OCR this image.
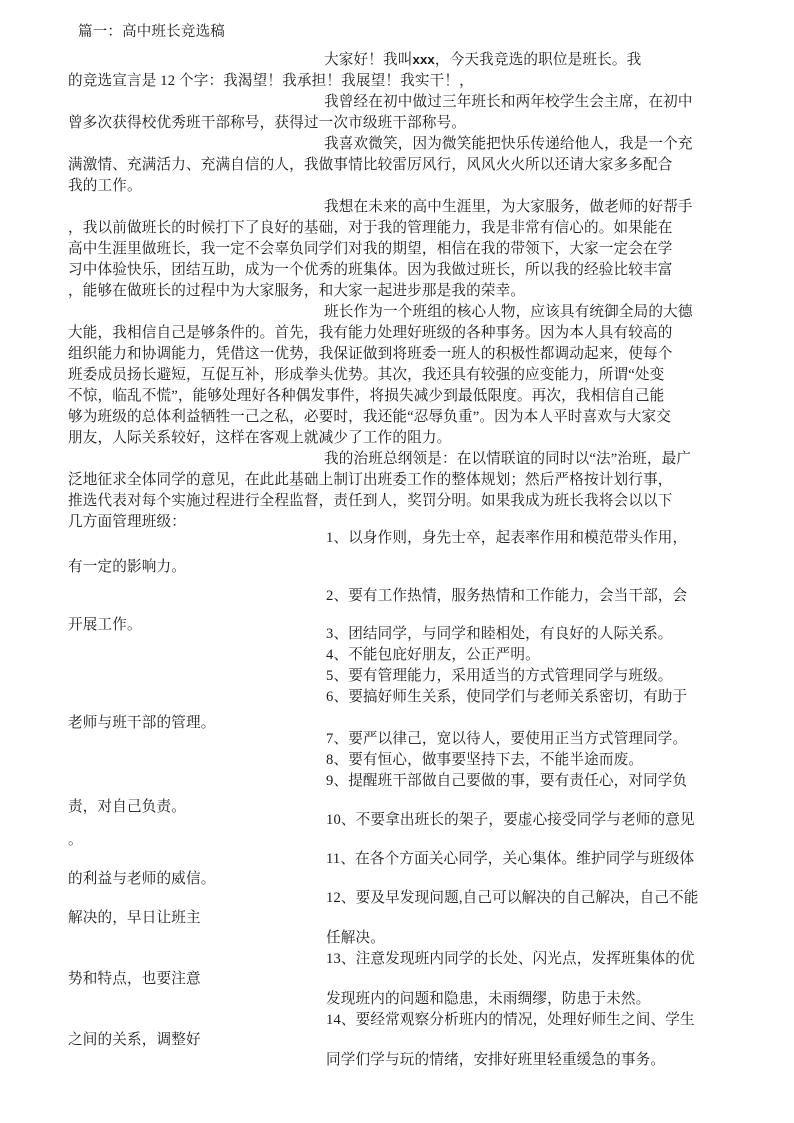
篇一：高中班长竞选稿
大家好！我叫xxx，今天我竞选的职位是班长。我
的竞选宣言是 12 个字：我渴望！我承担！我展望！我实干！，
我曾经在初中做过三年班长和两年校学生会主席，在初中
曾多次获得校优秀班干部称号，获得过一次市级班干部称号。
我喜欢微笑，因为微笑能把快乐传递给他人，我是一个充
满激情、充满活力、充满自信的人，我做事情比较雷厉风行，风风火火所以还请大家多多配合
我的工作。
我想在未来的高中生涯里，为大家服务，做老师的好帮手
，我以前做班长的时候打下了良好的基础，对于我的管理能力，我是非常有信心的。如果能在
高中生涯里做班长，我一定不会辜负同学们对我的期望，相信在我的带领下，大家一定会在学
习中体验快乐，团结互助，成为一个优秀的班集体。因为我做过班长，所以我的经验比较丰富
，能够在做班长的过程中为大家服务，和大家一起进步那是我的荣幸。
班长作为一个班组的核心人物，应该具有统御全局的大德
大能，我相信自己是够条件的。首先，我有能力处理好班级的各种事务。因为本人具有较高的
组织能力和协调能力，凭借这一优势，我保证做到将班委一班人的积极性都调动起来，使每个
班委成员扬长避短，互促互补，形成拳头优势。其次，我还具有较强的应变能力，所谓“处变
不惊，临乱不慌”，能够处理好各种偶发事件，将损失减少到最低限度。再次，我相信自己能
够为班级的总体利益牺牲一己之私，必要时，我还能“忍辱负重”。因为本人平时喜欢与大家交
朋友，人际关系较好，这样在客观上就减少了工作的阻力。
我的治班总纲领是：在以情联谊的同时以“法”治班，最广
泛地征求全体同学的意见，在此此基础上制订出班委工作的整体规划；然后严格按计划行事，
推选代表对每个实施过程进行全程监督，责任到人，奖罚分明。如果我成为班长我将会以以下
几方面管理班级：
1、以身作则，身先士卒，起表率作用和模范带头作用，
有一定的影响力。
2、要有工作热情，服务热情和工作能力，会当干部，会
开展工作。
3、团结同学，与同学和睦相处，有良好的人际关系。
4、不能包庇好朋友，公正严明。
5、要有管理能力，采用适当的方式管理同学与班级。
6、要搞好师生关系，使同学们与老师关系密切，有助于
老师与班干部的管理。
7、要严以律己，宽以待人，要使用正当方式管理同学。
8、要有恒心，做事要坚持下去，不能半途而废。
9、提醒班干部做自己要做的事，要有责任心，对同学负
责，对自己负责。
10、不要拿出班长的架子，要虚心接受同学与老师的意见
。
11、在各个方面关心同学，关心集体。维护同学与班级体
的利益与老师的威信。
12、要及早发现问题,自己可以解决的自己解决，自己不能
解决的，早日让班主
任解决。
13、注意发现班内同学的长处、闪光点，发挥班集体的优
势和特点，也要注意
发现班内的问题和隐患，未雨绸缪，防患于未然。
14、要经常观察分析班内的情况，处理好师生之间、学生
之间的关系，调整好
同学们学与玩的情绪，安排好班里轻重缓急的事务。
